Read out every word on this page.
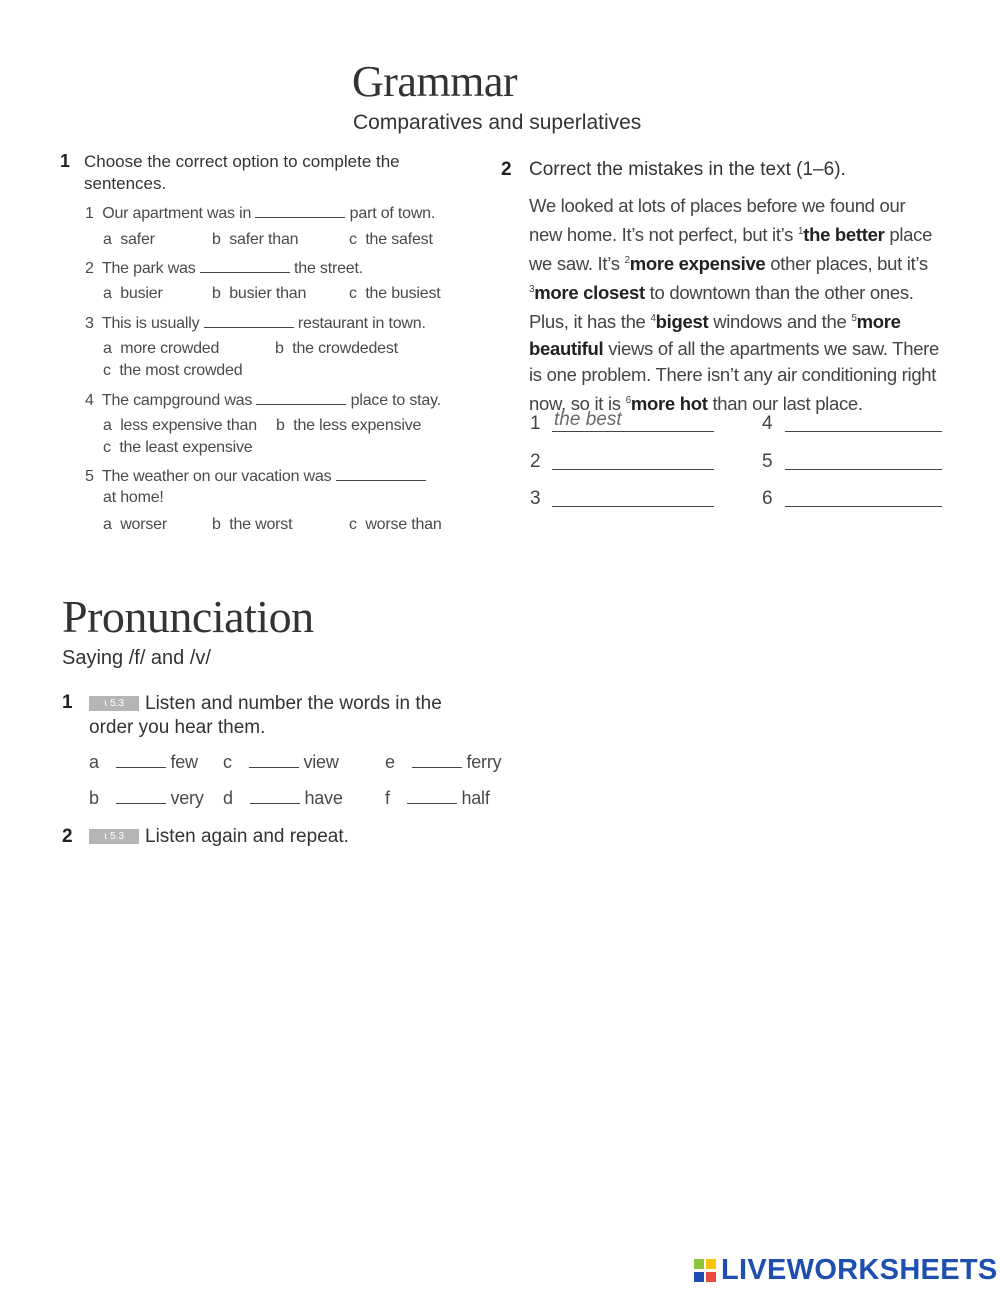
Grammar
Comparatives and superlatives
1 Choose the correct option to complete the
sentences.
1 Our apartment was in	part of town.
a safer	b safer than	c the safest
2 The park was	the street.
a busier	b busier than	c the busiest
3 This is usually	restaurant in town.
a more crowded	b the crowdedest
c the most crowded
4 The campground was	place to stay.
a less expensive than b the less expensive
c the least expensive
5 The weather on our vacation was
at home!
a worser	b the worst	c worse than
2 Correct the mistakes in the text (1–6).
We looked at lots of places before we found our
new home. It’s not perfect, but it’s $^1$the better place
we saw. It’s $^2$more expensive other places, but it’s
$^3$more closest to downtown than the other ones.
Plus, it has the $^4$bigest windows and the $^5$more
beautiful views of all the apartments we saw. There
is one problem. There isn’t any air conditioning right
now, so it is $^6$more hot than our last place.
1 the best
2
3
4
5
6
Pronunciation
Saying /f/ and /v/
1	⍳ 5.3 Listen and number the words in the
order you hear them.
a	few c	view	e	ferry
b	very d	have f	half
2	⍳ 5.3 Listen again and repeat.
LIVEWORKSHEETS
